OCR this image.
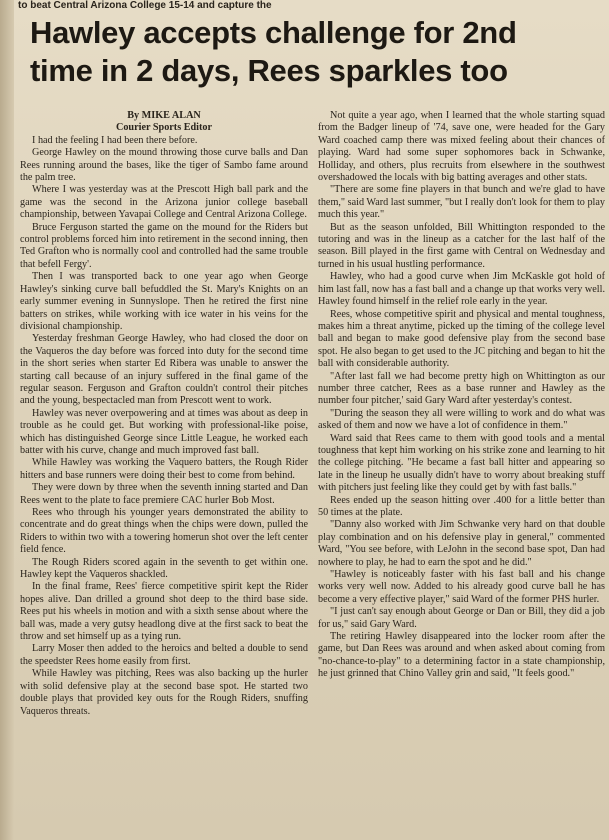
to beat Central Arizona College 15-14 and capture the
Hawley accepts challenge for 2nd
time in 2 days, Rees sparkles too
By MIKE ALAN
Courier Sports Editor

I had the feeling I had been there before.

George Hawley on the mound throwing those curve balls and Dan Rees running around the bases, like the tiger of Sambo fame around the palm tree.

Where I was yesterday was at the Prescott High ball park and the game was the second in the Arizona junior college baseball championship, between Yavapai College and Central Arizona College.

Bruce Ferguson started the game on the mound for the Riders but control problems forced him into retirement in the second inning, then Ted Grafton who is normally cool and controlled had the same trouble that befell Fergy'.

Then I was transported back to one year ago when George Hawley's sinking curve ball befuddled the St. Mary's Knights on an early summer evening in Sunnyslope. Then he retired the first nine batters on strikes, while working with ice water in his veins for the divisional championship.

Yesterday freshman George Hawley, who had closed the door on the Vaqueros the day before was forced into duty for the second time in the short series when starter Ed Ribera was unable to answer the starting call because of an injury suffered in the final game of the regular season. Ferguson and Grafton couldn't control their pitches and the young, bespectacled man from Prescott went to work.

Hawley was never overpowering and at times was about as deep in trouble as he could get. But working with professional-like poise, which has distinguished George since Little League, he worked each batter with his curve, change and much improved fast ball.

While Hawley was working the Vaquero batters, the Rough Rider hitters and base runners were doing their best to come from behind.

They were down by three when the seventh inning started and Dan Rees went to the plate to face premiere CAC hurler Bob Most.

Rees who through his younger years demonstrated the ability to concentrate and do great things when the chips were down, pulled the Riders to within two with a towering homerun shot over the left center field fence.

The Rough Riders scored again in the seventh to get within one. Hawley kept the Vaqueros shackled.

In the final frame, Rees' fierce competitive spirit kept the Rider hopes alive. Dan drilled a ground shot deep to the third base side. Rees put his wheels in motion and with a sixth sense about where the ball was, made a very gutsy headlong dive at the first sack to beat the throw and set himself up as a tying run.

Larry Moser then added to the heroics and belted a double to send the speedster Rees home easily from first.

While Hawley was pitching, Rees was also backing up the hurler with solid defensive play at the second base spot. He started two double plays that provided key outs for the Rough Riders, snuffing Vaqueros threats.

Not quite a year ago, when I learned that the whole starting squad from the Badger lineup of '74, save one, were headed for the Gary Ward coached camp there was mixed feeling about their chances of playing. Ward had some super sophomores back in Schwanke, Holliday, and others, plus recruits from elsewhere in the southwest overshadowed the locals with big batting averages and other stats.

"There are some fine players in that bunch and we're glad to have them," said Ward last summer, "but I really don't look for them to play much this year."

But as the season unfolded, Bill Whittington responded to the tutoring and was in the lineup as a catcher for the last half of the season. Bill played in the first game with Central on Wednesday and turned in his usual hustling performance.

Hawley, who had a good curve when Jim McKaskle got hold of him last fall, now has a fast ball and a change up that works very well. Hawley found himself in the relief role early in the year.

Rees, whose competitive spirit and physical and mental toughness, makes him a threat anytime, picked up the timing of the college level ball and began to make good defensive play from the second base spot. He also began to get used to the JC pitching and began to hit the ball with considerable authority.

"After last fall we had become pretty high on Whittington as our number three catcher, Rees as a base runner and Hawley as the number four pitcher,' said Gary Ward after yesterday's contest.

"During the season they all were willing to work and do what was asked of them and now we have a lot of confidence in them."

Ward said that Rees came to them with good tools and a mental toughness that kept him working on his strike zone and learning to hit the college pitching. "He became a fast ball hitter and appearing so late in the lineup he usually didn't have to worry about breaking stuff with pitchers just feeling like they could get by with fast balls."

Rees ended up the season hitting over .400 for a little better than 50 times at the plate.

"Danny also worked with Jim Schwanke very hard on that double play combination and on his defensive play in general," commented Ward, "You see before, with LeJohn in the second base spot, Dan had nowhere to play, he had to earn the spot and he did."

"Hawley is noticeably faster with his fast ball and his change works very well now. Added to his already good curve ball he has become a very effective player," said Ward of the former PHS hurler.

"I just can't say enough about George or Dan or Bill, they did a job for us," said Gary Ward.

The retiring Hawley disappeared into the locker room after the game, but Dan Rees was around and when asked about coming from "no-chance-to-play" to a determining factor in a state championship, he just grinned that Chino Valley grin and said, "It feels good."
